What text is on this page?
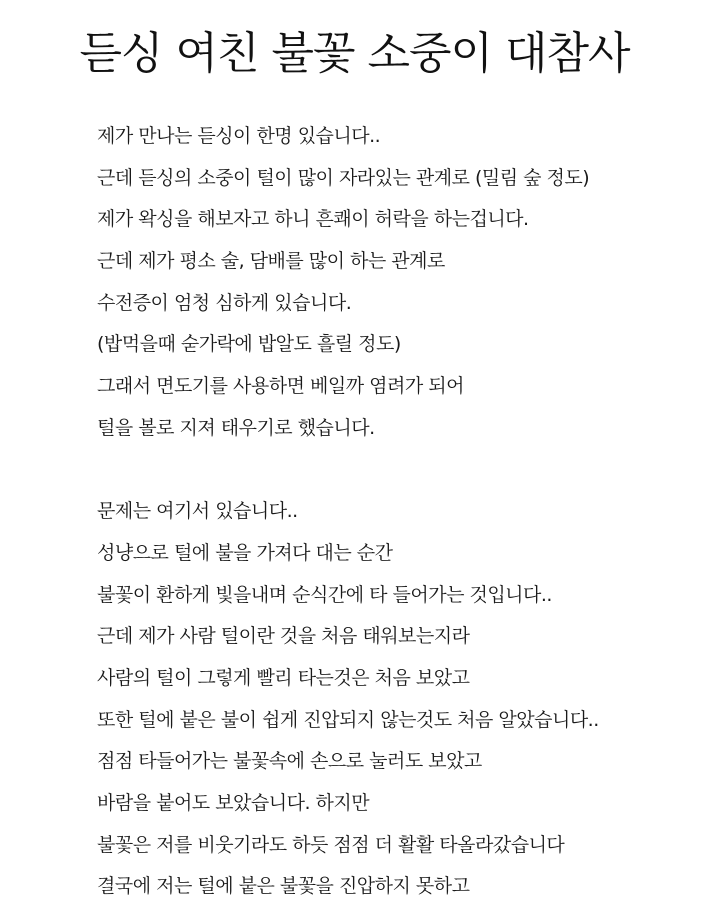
듣싱 여친 불꽃 소중이 대참사
제가 만나는 듣싱이 한명 있습니다..
근데 듣싱의 소중이 털이 많이 자라있는 관계로 (밀림 숲 정도)
제가 왁싱을 해보자고 하니 흔쾌이 허락을 하는겁니다.
근데 제가 평소 술, 담배를 많이 하는 관계로
수전증이 엄청 심하게 있습니다.
(밥먹을때 숟가락에 밥알도 흘릴 정도)
그래서 면도기를 사용하면 베일까 염려가 되어
털을 볼로 지져 태우기로 했습니다.
문제는 여기서 있습니다..
성냥으로 털에 불을 가져다 대는 순간
불꽃이 환하게 빛을내며 순식간에 타 들어가는 것입니다..
근데 제가 사람 털이란 것을 처음 태워보는지라
사람의 털이 그렇게 빨리 타는것은 처음 보았고
또한 털에 붙은 불이 쉽게 진압되지 않는것도 처음 알았습니다..
점점 타들어가는 불꽃속에 손으로 눌러도 보았고
바람을 붙어도 보았습니다. 하지만
불꽃은 저를 비웃기라도 하듯 점점 더 활활 타올라갔습니다
결국에 저는 털에 붙은 불꽃을 진압하지 못하고
